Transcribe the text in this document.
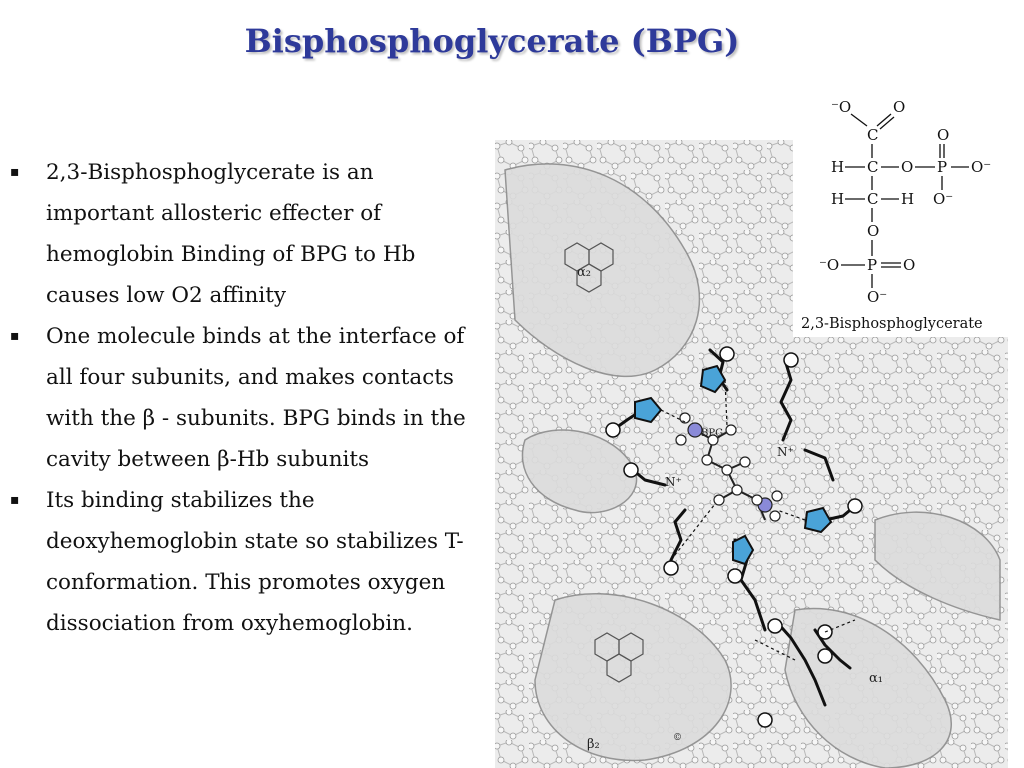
Bisphosphoglycerate (BPG)
▪ 2,3-Bisphosphoglycerate is an important allosteric effecter of hemoglobin Binding of BPG to Hb causes low O2 affinity
▪ One molecule binds at the interface of all four subunits, and makes contacts with the β - subunits. BPG binds in the cavity between β-Hb subunits
▪ Its binding stabilizes the deoxyhemoglobin state so stabilizes T-conformation. This promotes oxygen dissociation from oxyhemoglobin.
α₂
BPG
N⁺
N⁺
α₁
β₂	©
⁻O	O
C
H C O P O⁻
O
O⁻
H C H
O
⁻O P O
O⁻
2,3-Bisphosphoglycerate
